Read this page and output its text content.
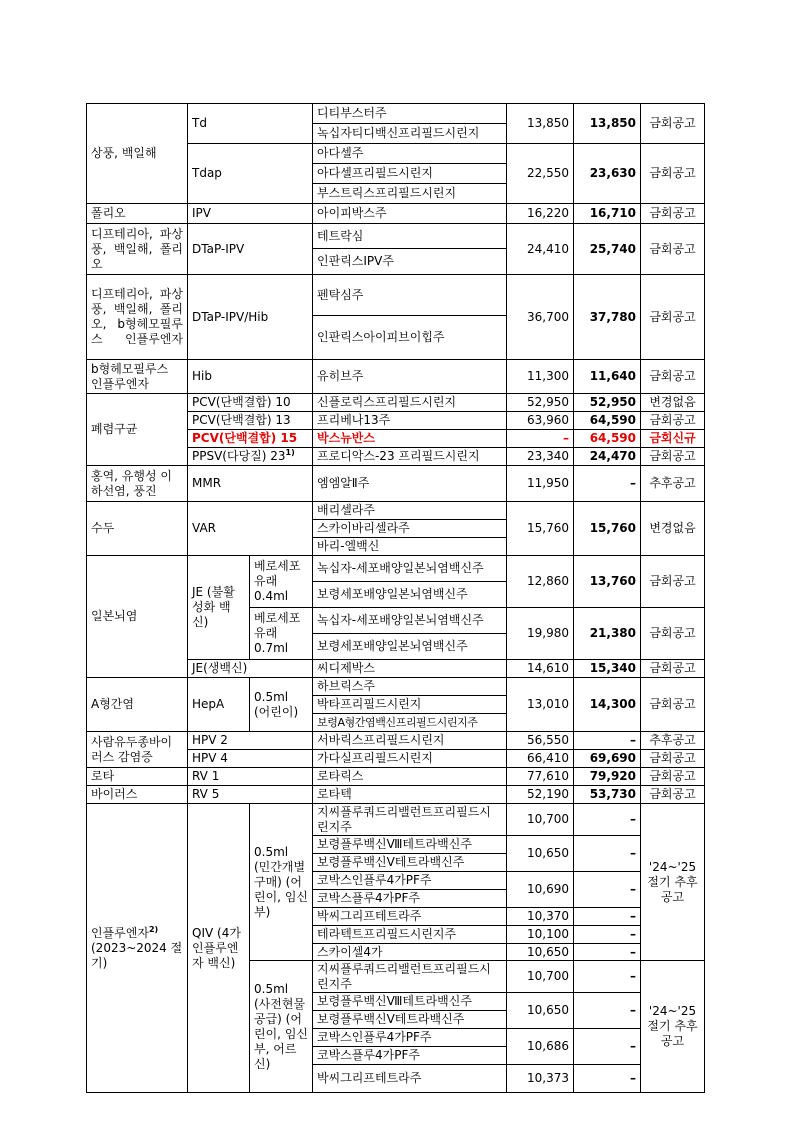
상풍, 백일해	Td		디티부스터주	13,850	13,850	금회공고
			녹십자티디백신프리필드시린지			
	Tdap		아다셀주	22,550	23,630	금회공고
			아다셀프리필드시린지			
			부스트릭스프리필드시린지			
폴리오	IPV		아이피박스주	16,220	16,710	금회공고
디프테리아, 파상풍, 백일해, 폴리오	DTaP-IPV		테트락심	24,410	25,740	금회공고
			인판릭스IPV주			
디프테리아, 파상풍, 백일해, 폴리오, b형헤모필루스 인플루엔자	DTaP-IPV/Hib		펜탁심주	36,700	37,780	금회공고
			인판릭스아이피브이힙주			
b형헤모필루스 인플루엔자	Hib		유히브주	11,300	11,640	금회공고
폐렴구균	PCV(단백결합) 10		신플로릭스프리필드시린지	52,950	52,950	변경없음
	PCV(단백결합) 13		프리베나13주	63,960	64,590	금회공고
	PCV(단백결합) 15		박스뉴반스	–	64,590	금회신규
	PPSV(다당질) 23$^{1)}$		프로디악스-23 프리필드시린지	23,340	24,470	금회공고
홍역, 유행성 이하선염, 풍진	MMR		엠엠알Ⅱ주	11,950	–	추후공고
수두	VAR		배리셀라주	15,760	15,760	변경없음
			스카이바리셀라주			
			바리-엘백신			
일본뇌염	JE (불활성화 백신)	베로세포 유래 0.4ml	녹십자-세포배양일본뇌염백신주	12,860	13,760	금회공고
			보령세포배양일본뇌염백신주			
		베로세포 유래 0.7ml	녹십자-세포배양일본뇌염백신주	19,980	21,380	금회공고
			보령세포배양일본뇌염백신주			
	JE(생백신)		씨디제박스	14,610	15,340	금회공고
A형간염	HepA	0.5ml (어린이)	하브릭스주	13,010	14,300	금회공고
			박타프리필드시린지			
			보령A형간염백신프리필드시린지주			
사람유두종바이러스 감염증	HPV 2		서바릭스프리필드시린지	56,550	–	추후공고
	HPV 4		가다실프리필드시린지	66,410	69,690	금회공고
로타	RV 1		로타릭스	77,610	79,920	금회공고
바이러스	RV 5		로타텍	52,190	53,730	금회공고
인플루엔자$^{2)}$
(2023~2024 절기)	QIV (4가 인플루엔자 백신)	0.5ml (민간개별구매) (어린이, 임신부)	지씨플루쿼드리밸런트프리필드시린지주	10,700	–	'24~'25 절기 추후공고
			보령플루백신Ⅷ테트라백신주	10,650	–	
			보령플루백신Ⅴ테트라백신주			
			코박스인플루4가PF주	10,690	–	
			코박스플루4가PF주			
			박씨그리프테트라주	10,370	–	
			테라텍트프리필드시린지주	10,100	–	
			스카이셀4가	10,650	–	
		0.5ml (사전현물공급) (어린이, 임신부, 어르신)	지씨플루쿼드리밸런트프리필드시린지주	10,700	–	'24~'25 절기 추후공고
			보령플루백신Ⅷ테트라백신주	10,650	–	
			보령플루백신Ⅴ테트라백신주			
			코박스인플루4가PF주	10,686	–	
			코박스플루4가PF주			
			박씨그리프테트라주	10,373	–	
